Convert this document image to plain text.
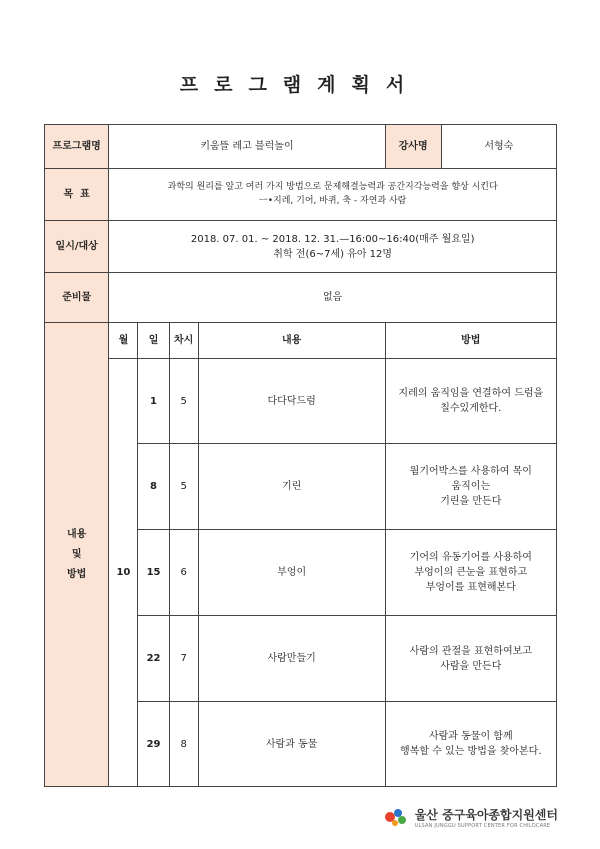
프로그램계획서
프로그램명	키움뜰 레고 블럭놀이				강사명	서형숙
목  표	과학의 원리를 알고 여러 가지 방법으로 문제해결능력과 공간지각능력을 향상 시킨다
ㅡ•지레, 기어, 바퀴, 축 - 자연과 사람					

일시/대상	2018. 07. 01. ~ 2018. 12. 31.—16:00~16:40(매주 월요일)
취학 전(6~7세) 유아 12명					

준비물	없음					

내용
및
방법	월	일	차시	내용	방법	
	10	1	5	다다닥드럼	지레의 움직임을 연결하여 드럼을
칠수있게한다.	

		8	5	기린	웜기어박스를 사용하여 목이
움직이는
기린을 만든다	

		15	6	부엉이	기어의 유동기어를 사용하여
부엉이의 큰눈을 표현하고
부엉이를 표현해본다	

		22	7	사람만들기	사람의 관절을 표현하여보고
사람을 만든다	

		29	8	사람과 동물	사람과 동물이 함께
행복할 수 있는 방법을 찾아본다.	
울산 중구육아종합지원센터
ULSAN JUNGGU SUPPORT CENTER FOR CHILDCARE
